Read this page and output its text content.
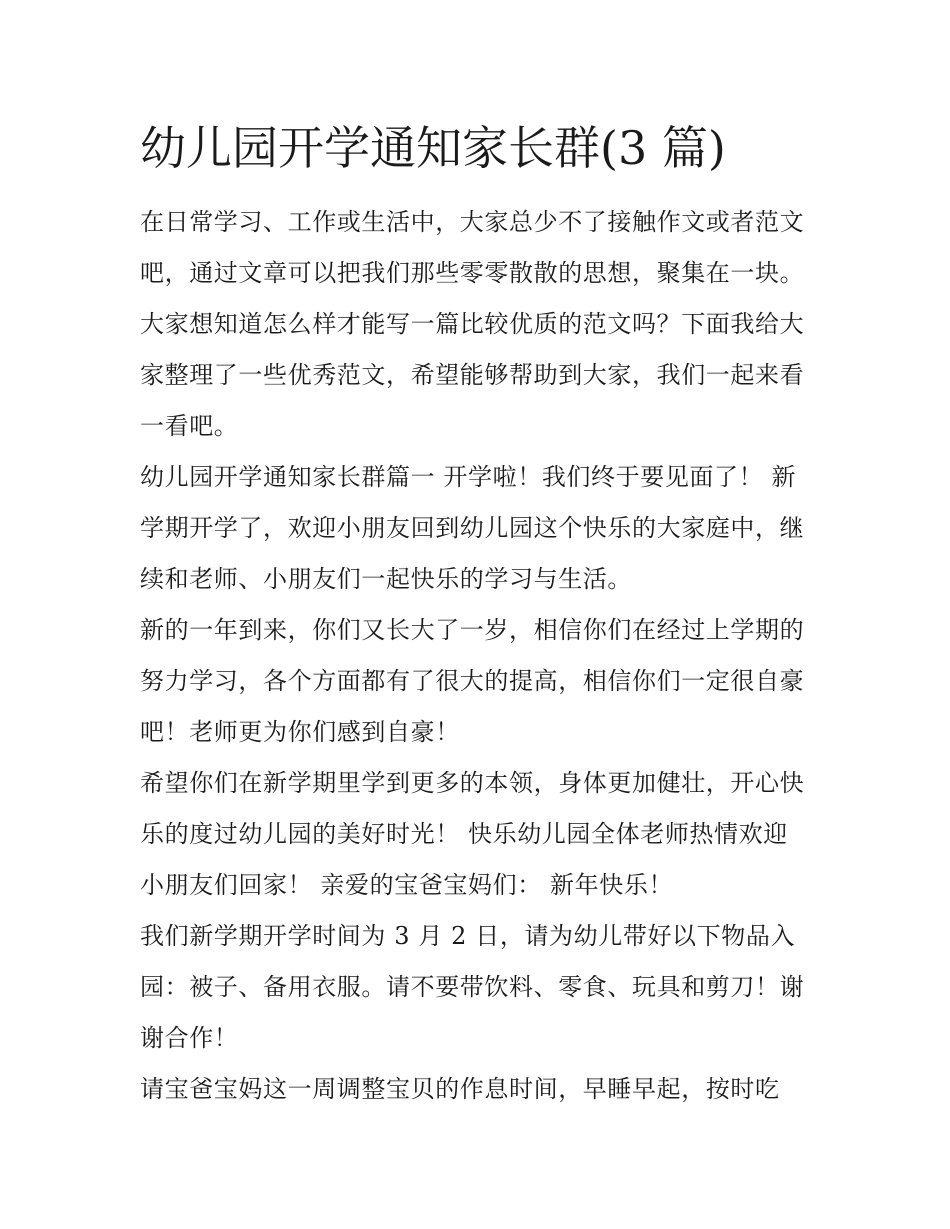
幼儿园开学通知家长群(3 篇)
在日常学习、工作或生活中，大家总少不了接触作文或者范文
吧，通过文章可以把我们那些零零散散的思想，聚集在一块。
大家想知道怎么样才能写一篇比较优质的范文吗？下面我给大
家整理了一些优秀范文，希望能够帮助到大家，我们一起来看
一看吧。
幼儿园开学通知家长群篇一 开学啦！我们终于要见面了！ 新
学期开学了，欢迎小朋友回到幼儿园这个快乐的大家庭中，继
续和老师、小朋友们一起快乐的学习与生活。
新的一年到来，你们又长大了一岁，相信你们在经过上学期的
努力学习，各个方面都有了很大的提高，相信你们一定很自豪
吧！老师更为你们感到自豪！
希望你们在新学期里学到更多的本领，身体更加健壮，开心快
乐的度过幼儿园的美好时光！ 快乐幼儿园全体老师热情欢迎
小朋友们回家！ 亲爱的宝爸宝妈们： 新年快乐！
我们新学期开学时间为 3 月 2 日，请为幼儿带好以下物品入
园：被子、备用衣服。请不要带饮料、零食、玩具和剪刀！谢
谢合作！
请宝爸宝妈这一周调整宝贝的作息时间，早睡早起，按时吃
